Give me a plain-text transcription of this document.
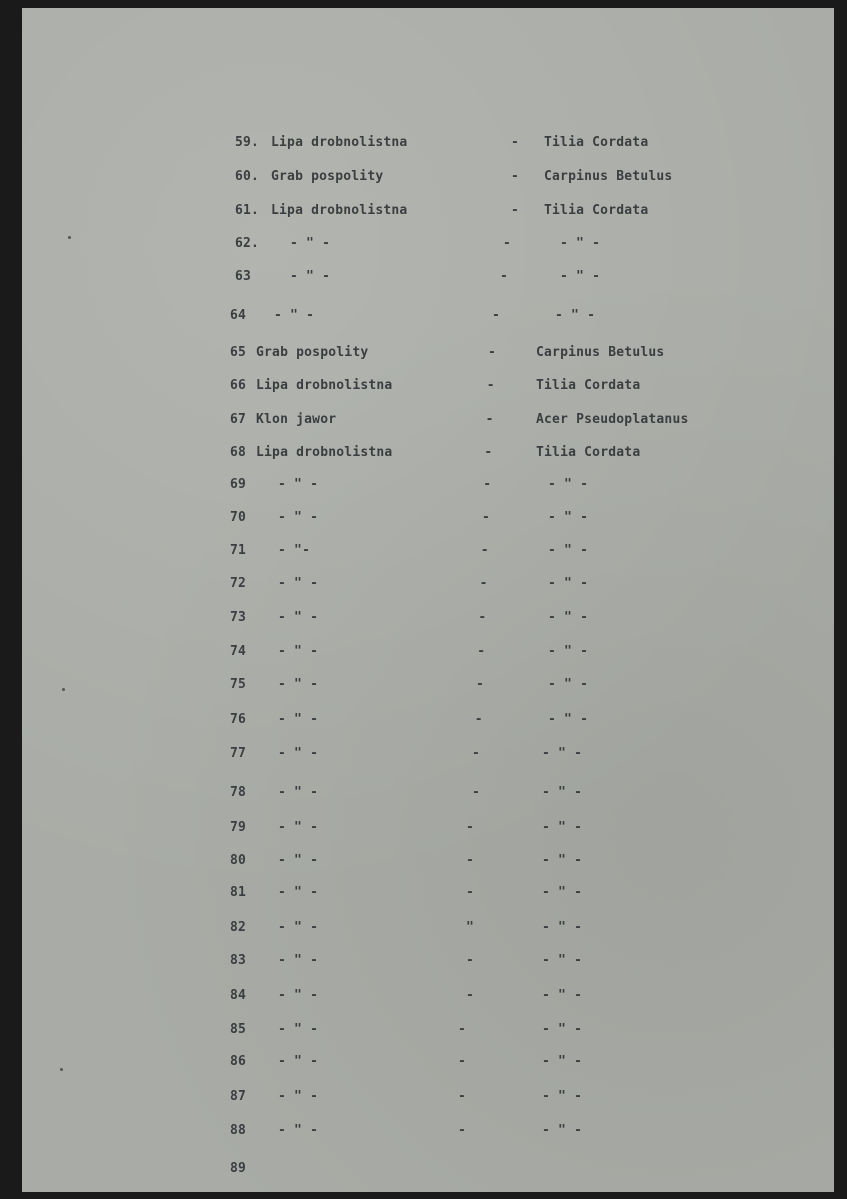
59. Lipa drobnolistna	- Tilia Cordata
60. Grab pospolity	- Carpinus Betulus
61. Lipa drobnolistna	- Tilia Cordata
62. - " -	-	- " -
63	- " -	-	- " -
64 - " -	-	- " -
65 Grab pospolity	-	Carpinus Betulus
66 Lipa drobnolistna	-	Tilia Cordata
67 Klon jawor	-	Acer Pseudoplatanus
68 Lipa drobnolistna	-	Tilia Cordata
69 - " -	-	- " -
70 - " -	-	- " -
71 - "-	-	- " -
72 - " -	-	- " -
73 - " -	-	- " -
74 - " -	-	- " -
75 - " -	-	- " -
76 - " -	-	- " -
77 - " -	-	- " -
78 - " -	-	- " -
79 - " -	-	- " -
80 - " -	-	- " -
81 - " -	-	- " -
82 - " -	"	- " -
83 - " -	-	- " -
84 - " -	-	- " -
85 - " -	-	- " -
86 - " -	-	- " -
87 - " -	-	- " -
88 - " -	-	- " -
89
